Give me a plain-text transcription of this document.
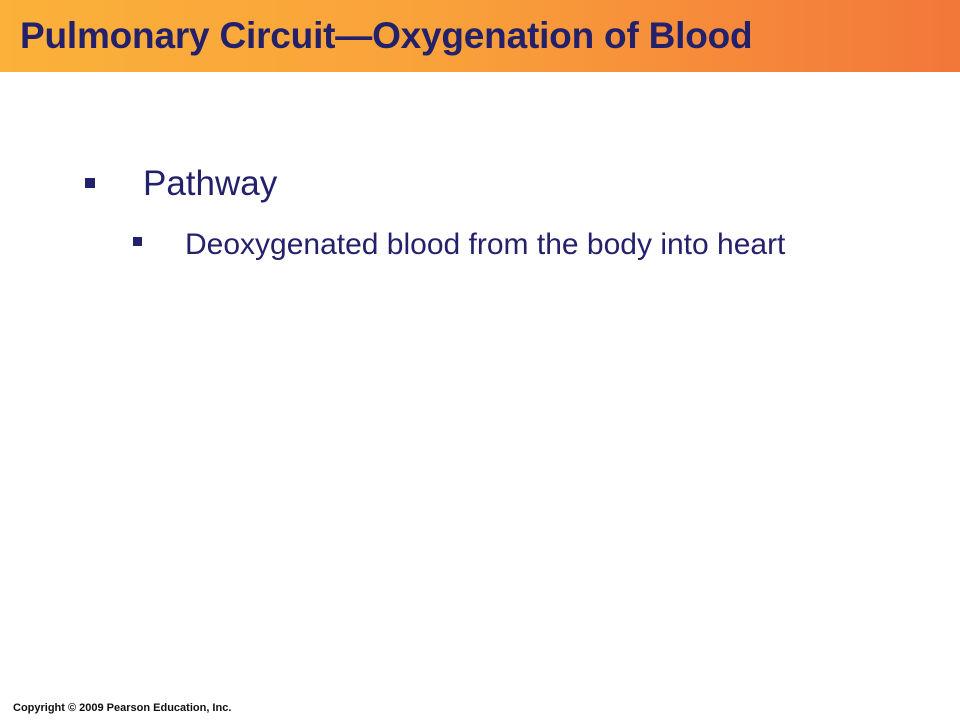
Pulmonary Circuit—Oxygenation of Blood
Pathway
Deoxygenated blood from the body into heart
Copyright © 2009 Pearson Education, Inc.
